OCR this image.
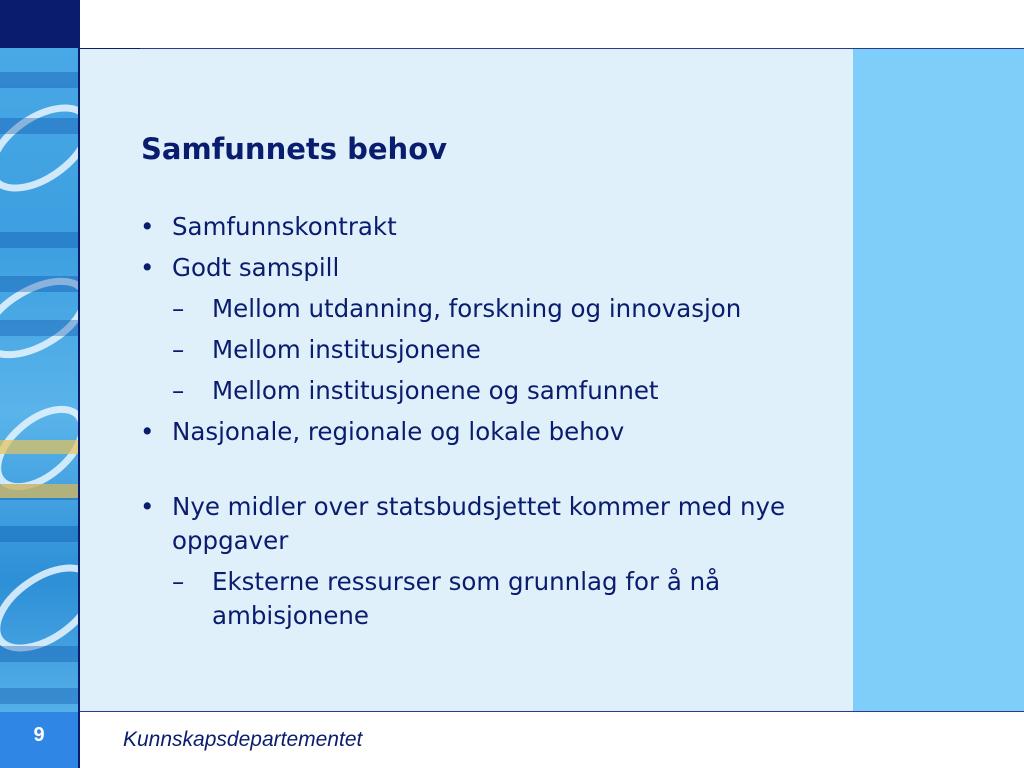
Samfunnets behov
• Samfunnskontrakt
• Godt samspill
– Mellom utdanning, forskning og innovasjon
– Mellom institusjonene
– Mellom institusjonene og samfunnet
• Nasjonale, regionale og lokale behov
• Nye midler over statsbudsjettet kommer med nye oppgaver
– Eksterne ressurser som grunnlag for å nå ambisjonene
9	Kunnskapsdepartementet
